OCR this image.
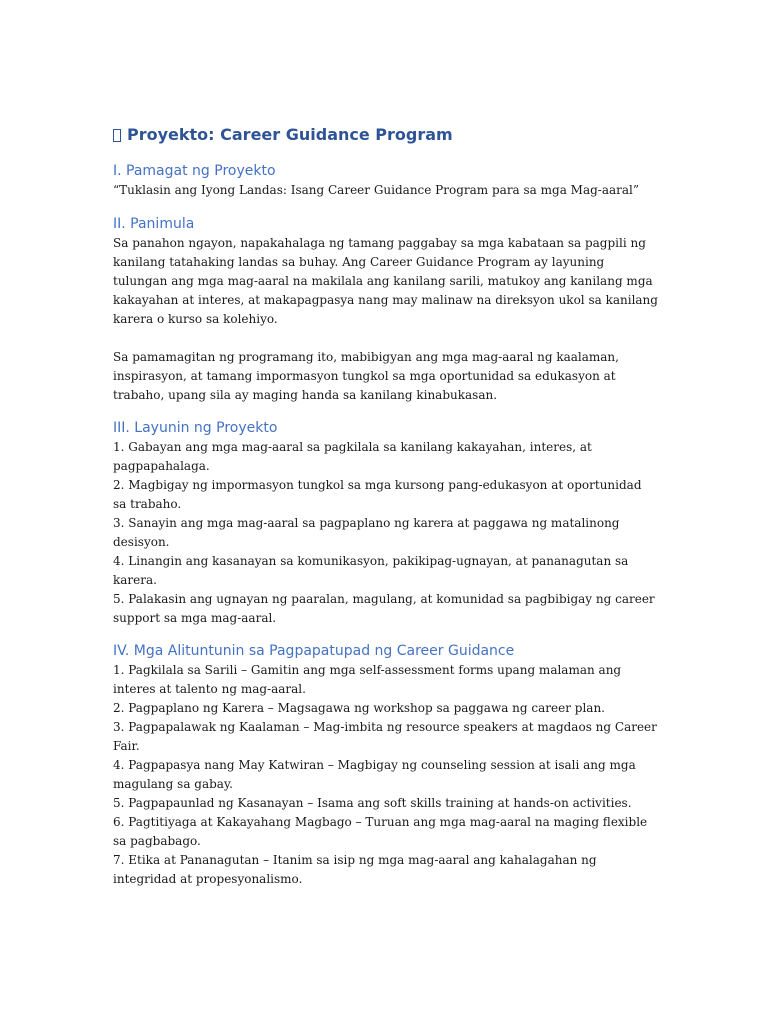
Proyekto: Career Guidance Program
I. Pamagat ng Proyekto

“Tuklasin ang Iyong Landas: Isang Career Guidance Program para sa mga Mag-aaral”

II. Panimula

Sa panahon ngayon, napakahalaga ng tamang paggabay sa mga kabataan sa pagpili ng kanilang tatahaking landas sa buhay. Ang Career Guidance Program ay layuning tulungan ang mga mag-aaral na makilala ang kanilang sarili, matukoy ang kanilang mga kakayahan at interes, at makapagpasya nang may malinaw na direksyon ukol sa kanilang karera o kurso sa kolehiyo.

Sa pamamagitan ng programang ito, mabibigyan ang mga mag-aaral ng kaalaman, inspirasyon, at tamang impormasyon tungkol sa mga oportunidad sa edukasyon at trabaho, upang sila ay maging handa sa kanilang kinabukasan.

III. Layunin ng Proyekto
1. Gabayan ang mga mag-aaral sa pagkilala sa kanilang kakayahan, interes, at pagpapahalaga.
2. Magbigay ng impormasyon tungkol sa mga kursong pang-edukasyon at oportunidad sa trabaho.
3. Sanayin ang mga mag-aaral sa pagpaplano ng karera at paggawa ng matalinong desisyon.
4. Linangin ang kasanayan sa komunikasyon, pakikipag-ugnayan, at pananagutan sa karera.
5. Palakasin ang ugnayan ng paaralan, magulang, at komunidad sa pagbibigay ng career support sa mga mag-aaral.
IV. Mga Alituntunin sa Pagpapatupad ng Career Guidance
1. Pagkilala sa Sarili – Gamitin ang mga self-assessment forms upang malaman ang interes at talento ng mag-aaral.
2. Pagpaplano ng Karera – Magsagawa ng workshop sa paggawa ng career plan.
3. Pagpapalawak ng Kaalaman – Mag-imbita ng resource speakers at magdaos ng Career Fair.
4. Pagpapasya nang May Katwiran – Magbigay ng counseling session at isali ang mga magulang sa gabay.
5. Pagpapaunlad ng Kasanayan – Isama ang soft skills training at hands-on activities.
6. Pagtitiyaga at Kakayahang Magbago – Turuan ang mga mag-aaral na maging flexible sa pagbabago.
7. Etika at Pananagutan – Itanim sa isip ng mga mag-aaral ang kahalagahan ng integridad at propesyonalismo.
